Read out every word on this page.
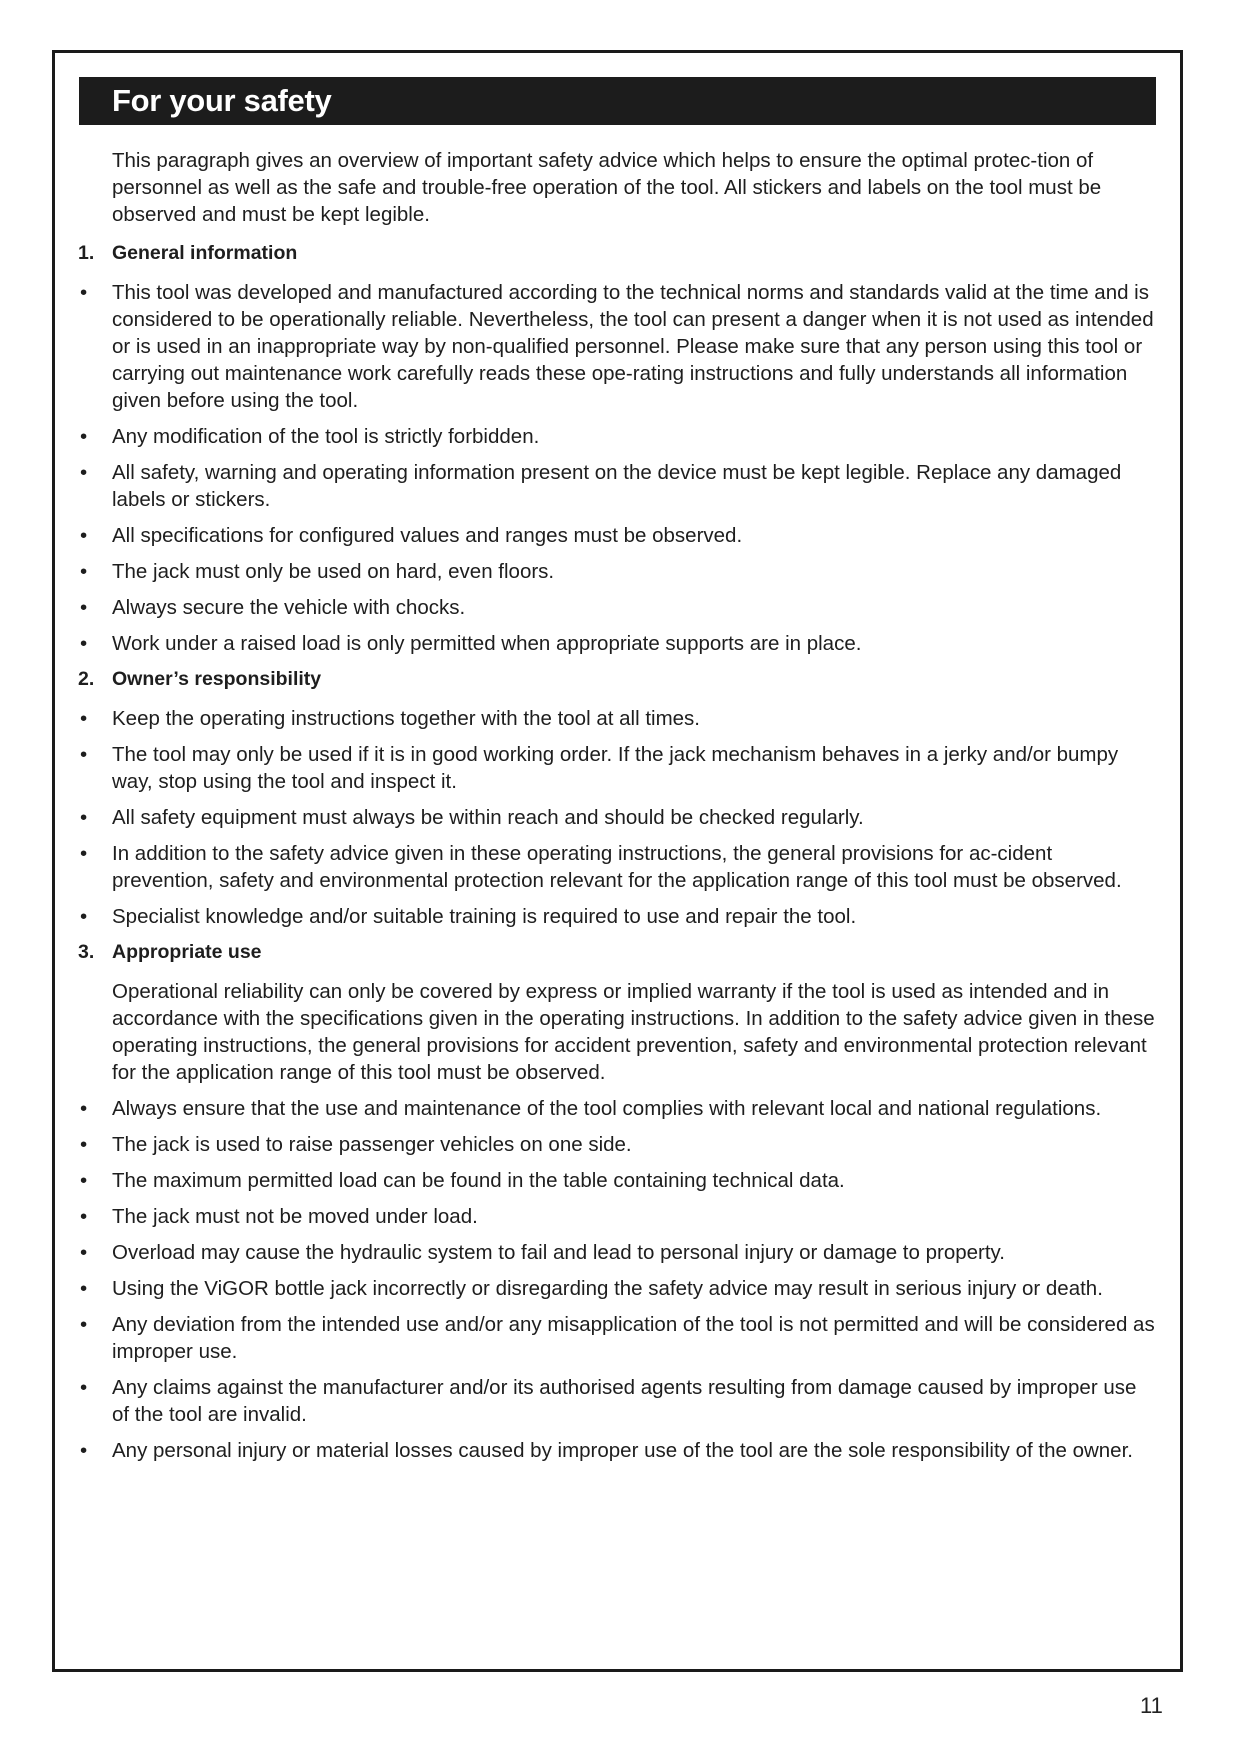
For your safety

This paragraph gives an overview of important safety advice which helps to ensure the optimal protec-tion of personnel as well as the safe and trouble-free operation of the tool. All stickers and labels on the tool must be observed and must be kept legible.

1. General information
• This tool was developed and manufactured according to the technical norms and standards valid at the time and is considered to be operationally reliable. Nevertheless, the tool can present a danger when it is not used as intended or is used in an inappropriate way by non-qualified personnel. Please make sure that any person using this tool or carrying out maintenance work carefully reads these ope-rating instructions and fully understands all information given before using the tool.
• Any modification of the tool is strictly forbidden.
• All safety, warning and operating information present on the device must be kept legible. Replace any damaged labels or stickers.
• All specifications for configured values and ranges must be observed.
• The jack must only be used on hard, even floors.
• Always secure the vehicle with chocks.
• Work under a raised load is only permitted when appropriate supports are in place.
2. Owner’s responsibility
• Keep the operating instructions together with the tool at all times.
• The tool may only be used if it is in good working order. If the jack mechanism behaves in a jerky and/or bumpy way, stop using the tool and inspect it.
• All safety equipment must always be within reach and should be checked regularly.
• In addition to the safety advice given in these operating instructions, the general provisions for ac-cident prevention, safety and environmental protection relevant for the application range of this tool must be observed.
• Specialist knowledge and/or suitable training is required to use and repair the tool.
3. Appropriate use

Operational reliability can only be covered by express or implied warranty if the tool is used as intended and in accordance with the specifications given in the operating instructions. In addition to the safety advice given in these operating instructions, the general provisions for accident prevention, safety and environmental protection relevant for the application range of this tool must be observed.

• Always ensure that the use and maintenance of the tool complies with relevant local and national regulations.
• The jack is used to raise passenger vehicles on one side.
• The maximum permitted load can be found in the table containing technical data.
• The jack must not be moved under load.
• Overload may cause the hydraulic system to fail and lead to personal injury or damage to property.
• Using the ViGOR bottle jack incorrectly or disregarding the safety advice may result in serious injury or death.
• Any deviation from the intended use and/or any misapplication of the tool is not permitted and will be considered as improper use.
• Any claims against the manufacturer and/or its authorised agents resulting from damage caused by improper use of the tool are invalid.
• Any personal injury or material losses caused by improper use of the tool are the sole responsibility of the owner.
11
